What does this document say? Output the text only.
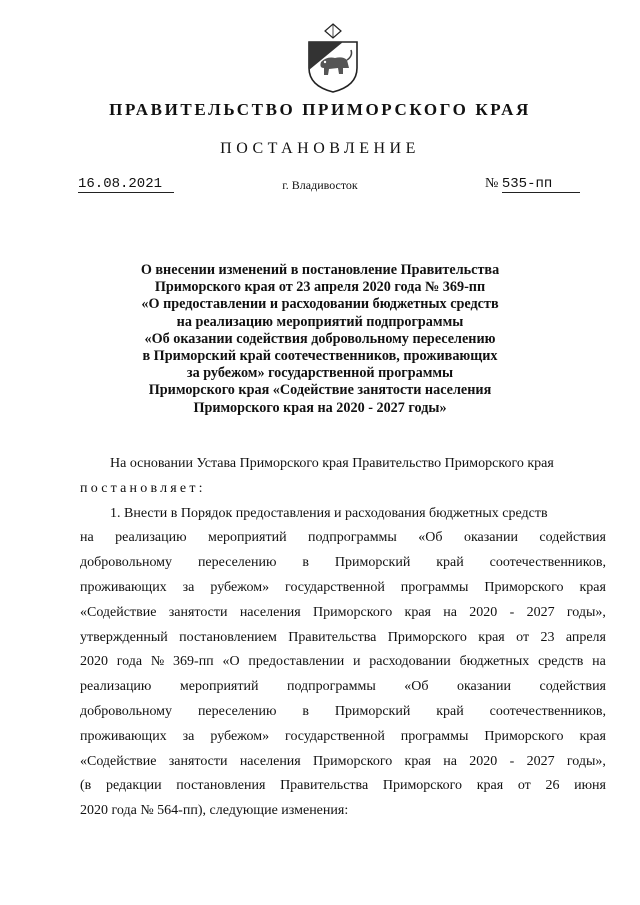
ПРАВИТЕЛЬСТВО ПРИМОРСКОГО КРАЯ
ПОСТАНОВЛЕНИЕ
16.08.2021	г. Владивосток	№ 535-пп
О внесении изменений в постановление Правительства
Приморского края от 23 апреля 2020 года № 369-пп
«О предоставлении и расходовании бюджетных средств
на реализацию мероприятий подпрограммы
«Об оказании содействия добровольному переселению
в Приморский край соотечественников, проживающих
за рубежом» государственной программы
Приморского края «Содействие занятости населения
Приморского края на 2020 - 2027 годы»
На основании Устава Приморского края Правительство Приморского края
постановляет:
1. Внести в Порядок предоставления и расходования бюджетных средств
на реализацию мероприятий подпрограммы «Об оказании содействия
добровольному переселению в Приморский край соотечественников,
проживающих за рубежом» государственной программы Приморского края
«Содействие занятости населения Приморского края на 2020 - 2027 годы»,
утвержденный постановлением Правительства Приморского края от 23 апреля
2020 года № 369-пп «О предоставлении и расходовании бюджетных средств на
реализацию мероприятий подпрограммы «Об оказании содействия
добровольному переселению в Приморский край соотечественников,
проживающих за рубежом» государственной программы Приморского края
«Содействие занятости населения Приморского края на 2020 - 2027 годы»,
(в редакции постановления Правительства Приморского края от 26 июня
2020 года № 564-пп), следующие изменения:
